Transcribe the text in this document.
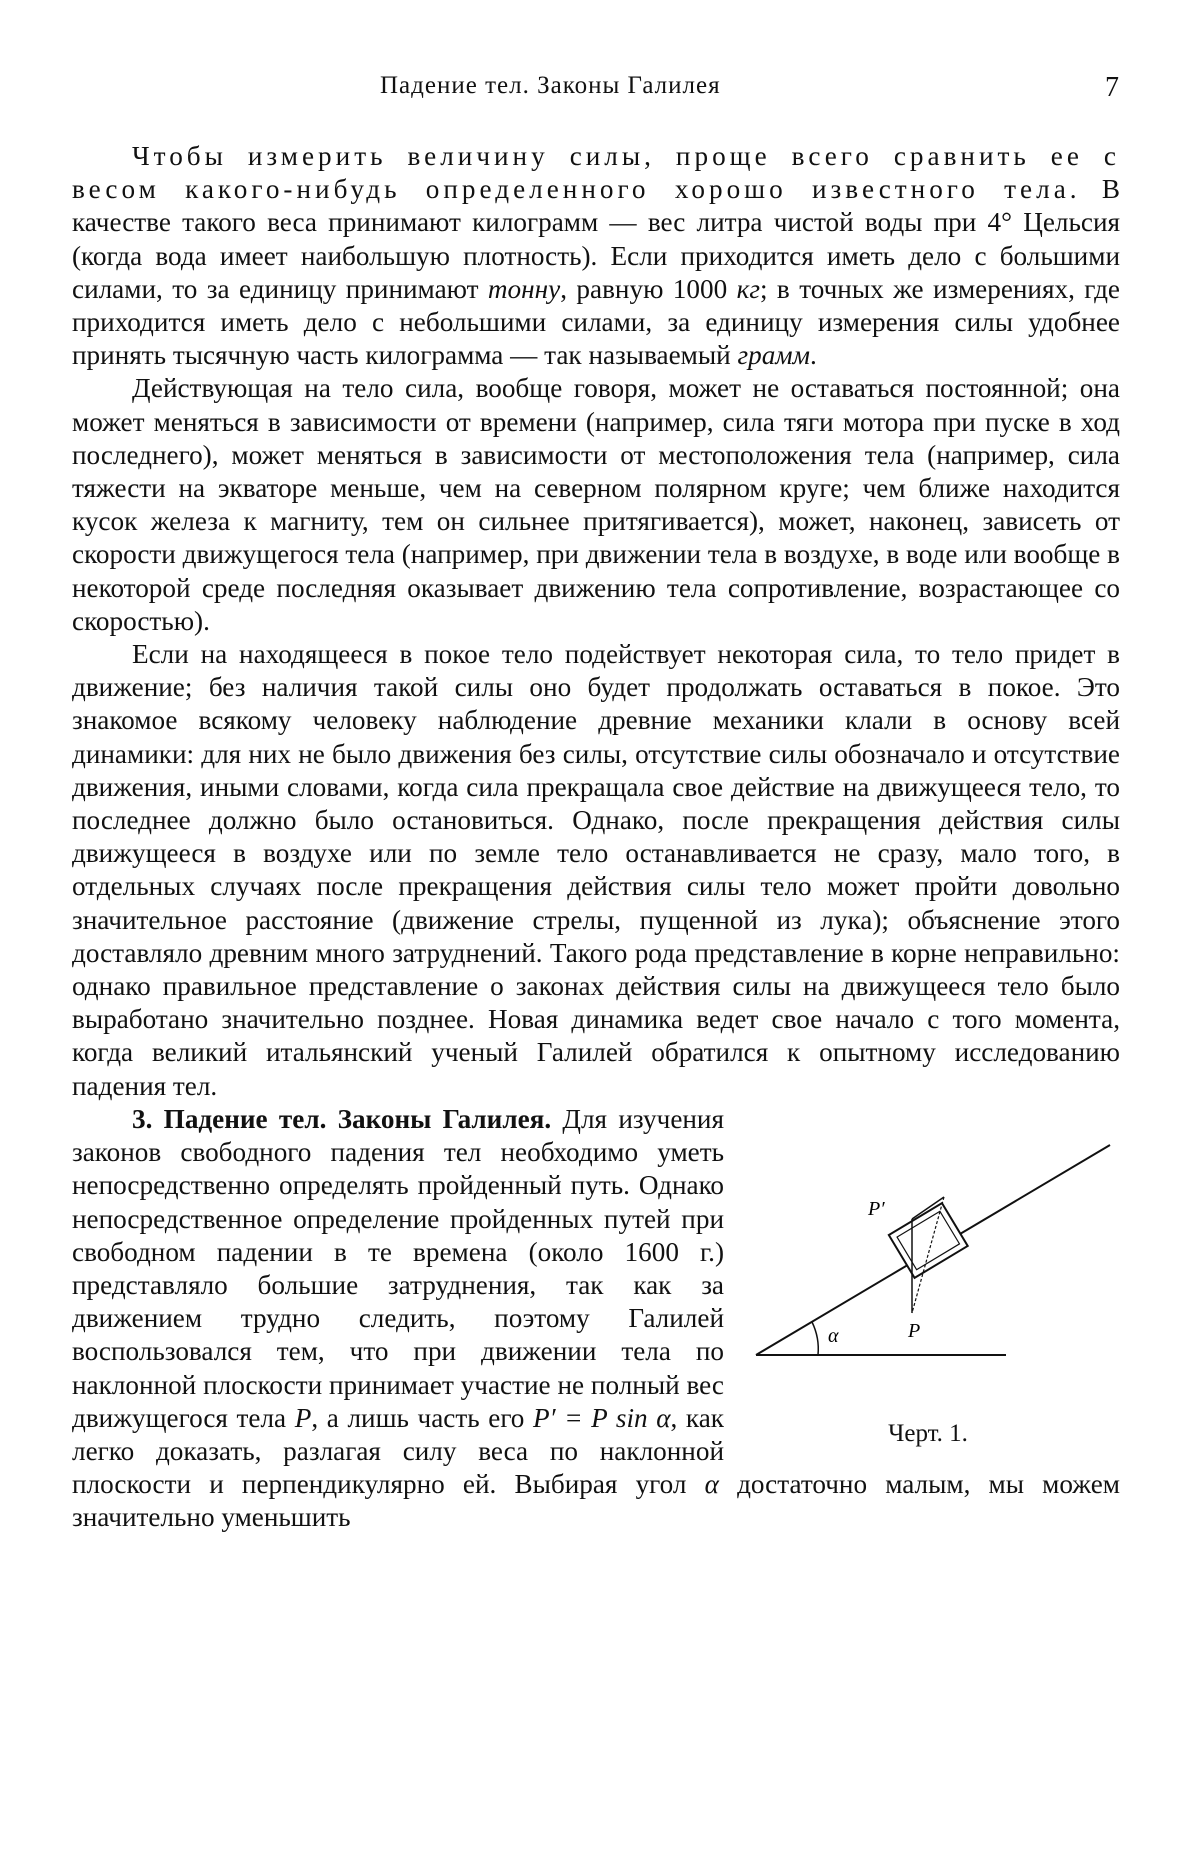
Падение тел. Законы Галилея	7

Чтобы измерить величину силы, проще всего сравнить ее с весом какого-нибудь определенного хорошо известного тела. В качестве такого веса принимают килограмм — вес литра чистой воды при 4° Цельсия (когда вода имеет наибольшую плотность). Если приходится иметь дело с большими силами, то за единицу принимают тонну, равную 1000 кг; в точных же измерениях, где приходится иметь дело с небольшими силами, за единицу измерения силы удобнее принять тысячную часть килограмма — так называемый грамм.

Действующая на тело сила, вообще говоря, может не оставаться постоянной; она может меняться в зависимости от времени (например, сила тяги мотора при пуске в ход последнего), может меняться в зависимости от местоположения тела (например, сила тяжести на экваторе меньше, чем на северном полярном круге; чем ближе находится кусок железа к магниту, тем он сильнее притягивается), может, наконец, зависеть от скорости движущегося тела (например, при движении тела в воздухе, в воде или вообще в некоторой среде последняя оказывает движению тела сопротивление, возрастающее со скоростью).

Если на находящееся в покое тело подействует некоторая сила, то тело придет в движение; без наличия такой силы оно будет продолжать оставаться в покое. Это знакомое всякому человеку наблюдение древние механики клали в основу всей динамики: для них не было движения без силы, отсутствие силы обозначало и отсутствие движения, иными словами, когда сила прекращала свое действие на движущееся тело, то последнее должно было остановиться. Однако, после прекращения действия силы движущееся в воздухе или по земле тело останавливается не сразу, мало того, в отдельных случаях после прекращения действия силы тело может пройти довольно значительное расстояние (движение стрелы, пущенной из лука); объяснение этого доставляло древним много затруднений. Такого рода представление в корне неправильно: однако правильное представление о законах действия силы на движущееся тело было выработано значительно позднее. Новая динамика ведет свое начало с того момента, когда великий итальянский ученый Галилей обратился к опытному исследованию падения тел.

α
P′
P
Черт. 1.

3. Падение тел. Законы Галилея. Для изучения законов свободного падения тел необходимо уметь непосредственно определять пройденный путь. Однако непосредственное определение пройденных путей при свободном падении в те времена (около 1600 г.) представляло большие затруднения, так как за движением трудно следить, поэтому Галилей воспользовался тем, что при движении тела по наклонной плоскости принимает участие не полный вес движущегося тела P, а лишь часть его P′ = P sin α, как легко доказать, разлагая силу веса по наклонной плоскости и перпендикулярно ей. Выбирая угол α достаточно малым, мы можем значительно уменьшить
